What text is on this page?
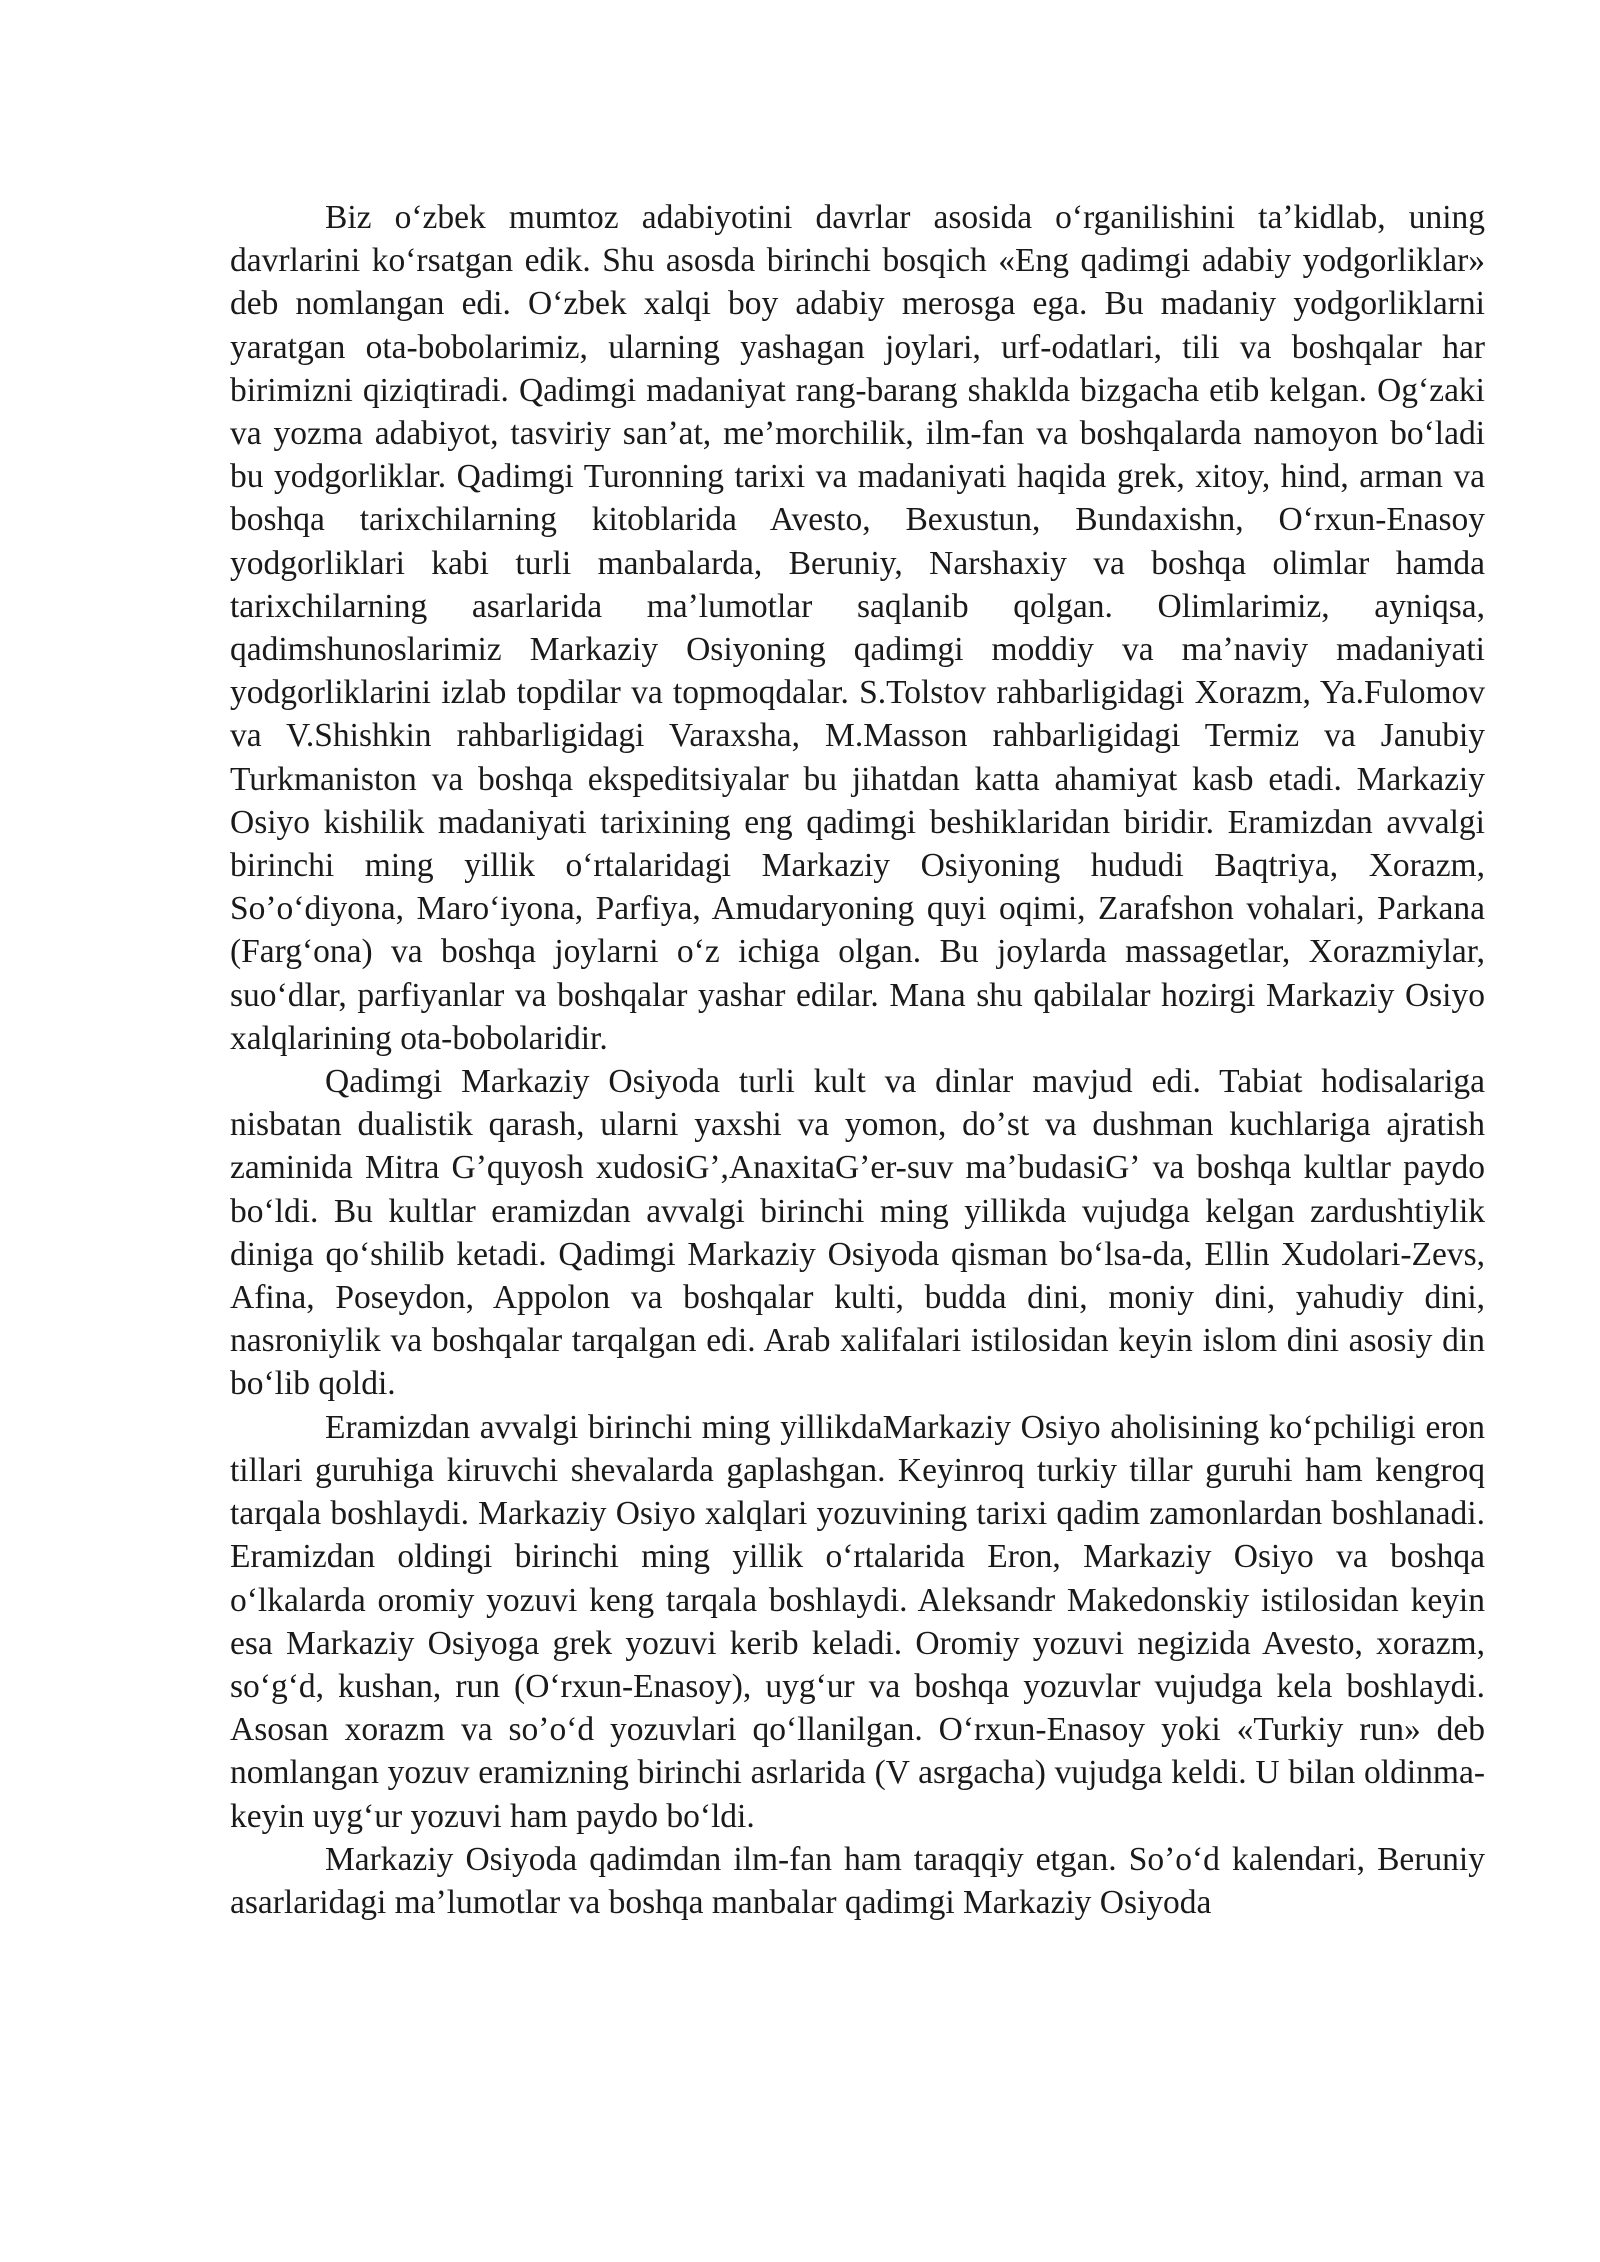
Biz oʻzbek mumtoz adabiyotini davrlar asosida oʻrganilishini taʼkidlab, uning davrlarini koʻrsatgan edik. Shu asosda birinchi bosqich «Eng qadimgi adabiy yodgorliklar» deb nomlangan edi. Oʻzbek xalqi boy adabiy merosga ega. Bu madaniy yodgorliklarni yaratgan ota-bobolarimiz, ularning yashagan joylari, urf-odatlari, tili va boshqalar har birimizni qiziqtiradi. Qadimgi madaniyat rang-barang shaklda bizgacha etib kelgan. Ogʻzaki va yozma adabiyot, tasviriy sanʼat, meʼmorchilik, ilm-fan va boshqalarda namoyon boʻladi bu yodgorliklar. Qadimgi Turonning tarixi va madaniyati haqida grek, xitoy, hind, arman va boshqa tarixchilarning kitoblarida Avesto, Bexustun, Bundaxishn, Oʻrxun-Enasoy yodgorliklari kabi turli manbalarda, Beruniy, Narshaxiy va boshqa olimlar hamda tarixchilarning asarlarida maʼlumotlar saqlanib qolgan. Olimlarimiz, ayniqsa, qadimshunoslarimiz Markaziy Osiyoning qadimgi moddiy va maʼnaviy madaniyati yodgorliklarini izlab topdilar va topmoqdalar. S.Tolstov rahbarligidagi Xorazm, Ya.Fulomov va V.Shishkin rahbarligidagi Varaxsha, M.Masson rahbarligidagi Termiz va Janubiy Turkmaniston va boshqa ekspeditsiyalar bu jihatdan katta ahamiyat kasb etadi. Markaziy Osiyo kishilik madaniyati tarixining eng qadimgi beshiklaridan biridir. Eramizdan avvalgi birinchi ming yillik oʻrtalaridagi Markaziy Osiyoning hududi Baqtriya, Xorazm, Soʼoʻdiyona, Maroʻiyona, Parfiya, Amudaryoning quyi oqimi, Zarafshon vohalari, Parkana (Fargʻona) va boshqa joylarni oʻz ichiga olgan. Bu joylarda massagetlar, Xorazmiylar, suoʻdlar, parfiyanlar va boshqalar yashar edilar. Mana shu qabilalar hozirgi Markaziy Osiyo xalqlarining ota-bobolaridir.

Qadimgi Markaziy Osiyoda turli kult va dinlar mavjud edi. Tabiat hodisalariga nisbatan dualistik qarash, ularni yaxshi va yomon, doʼst va dushman kuchlariga ajratish zaminida Mitra Gʼquyosh xudosiGʼ,AnaxitaGʼer-suv maʼbudasiGʼ va boshqa kultlar paydo boʻldi. Bu kultlar eramizdan avvalgi birinchi ming yillikda vujudga kelgan zardushtiylik diniga qoʻshilib ketadi. Qadimgi Markaziy Osiyoda qisman boʻlsa-da, Ellin Xudolari-Zevs, Afina, Poseydon, Appolon va boshqalar kulti, budda dini, moniy dini, yahudiy dini, nasroniylik va boshqalar tarqalgan edi. Arab xalifalari istilosidan keyin islom dini asosiy din boʻlib qoldi.

Eramizdan avvalgi birinchi ming yillikdaMarkaziy Osiyo aholisining koʻpchiligi eron tillari guruhiga kiruvchi shevalarda gaplashgan. Keyinroq turkiy tillar guruhi ham kengroq tarqala boshlaydi. Markaziy Osiyo xalqlari yozuvining tarixi qadim zamonlardan boshlanadi. Eramizdan oldingi birinchi ming yillik oʻrtalarida Eron, Markaziy Osiyo va boshqa oʻlkalarda oromiy yozuvi keng tarqala boshlaydi. Aleksandr Makedonskiy istilosidan keyin esa Markaziy Osiyoga grek yozuvi kerib keladi. Oromiy yozuvi negizida Avesto, xorazm, soʻgʻd, kushan, run (Oʻrxun-Enasoy), uygʻur va boshqa yozuvlar vujudga kela boshlaydi. Asosan xorazm va soʼoʻd yozuvlari qoʻllanilgan. Oʻrxun-Enasoy yoki «Turkiy run» deb nomlangan yozuv eramizning birinchi asrlarida (V asrgacha) vujudga keldi. U bilan oldinma-keyin uygʻur yozuvi ham paydo boʻldi.

Markaziy Osiyoda qadimdan ilm-fan ham taraqqiy etgan. Soʼoʻd kalendari, Beruniy asarlaridagi maʼlumotlar va boshqa manbalar qadimgi Markaziy Osiyoda
